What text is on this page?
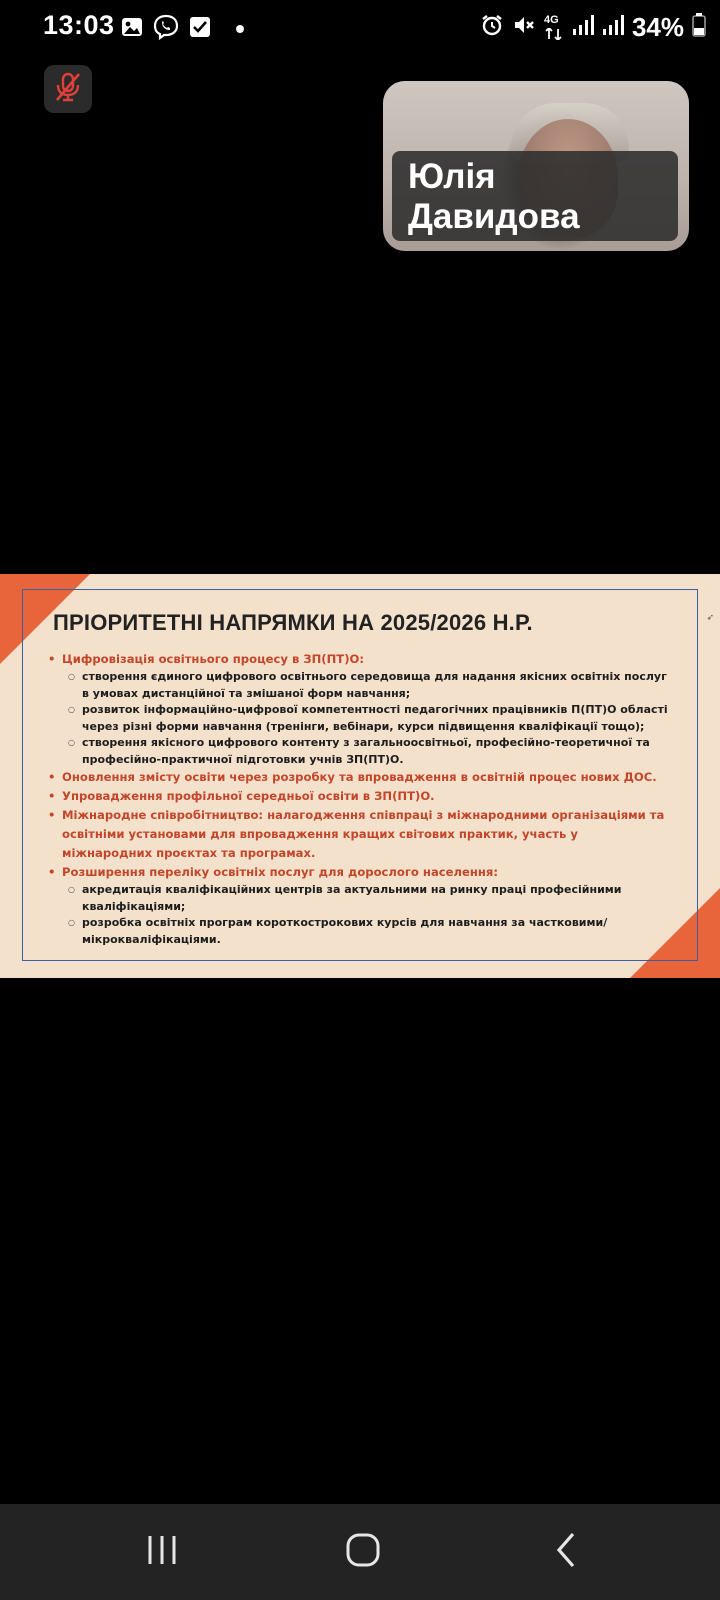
13:03	4G	34%
Юлія Давидова
➶
ПРІОРИТЕТНІ НАПРЯМКИ НА 2025/2026 Н.Р.
• Цифровізація освітнього процесу в ЗП(ПТ)О:
○ створення єдиного цифрового освітнього середовища для надання якісних освітніх послуг в умовах дистанційної та змішаної форм навчання;
○ розвиток інформаційно-цифрової компетентності педагогічних працівників П(ПТ)О області через різні форми навчання (тренінги, вебінари, курси підвищення кваліфікації тощо);
○ створення якісного цифрового контенту з загальноосвітньої, професійно-теоретичної та професійно-практичної підготовки учнів ЗП(ПТ)О.
• Оновлення змісту освіти через розробку та впровадження в освітній процес нових ДОС.
• Упровадження профільної середньої освіти в ЗП(ПТ)О.
• Міжнародне співробітництво: налагодження співпраці з міжнародними організаціями та освітніми установами для впровадження кращих світових практик, участь у міжнародних проєктах та програмах.
• Розширення переліку освітніх послуг для дорослого населення:
○ акредитація кваліфікаційних центрів за актуальними на ринку праці професійними кваліфікаціями;
○ розробка освітніх програм короткострокових курсів для навчання за частковими/мікрокваліфікаціями.
